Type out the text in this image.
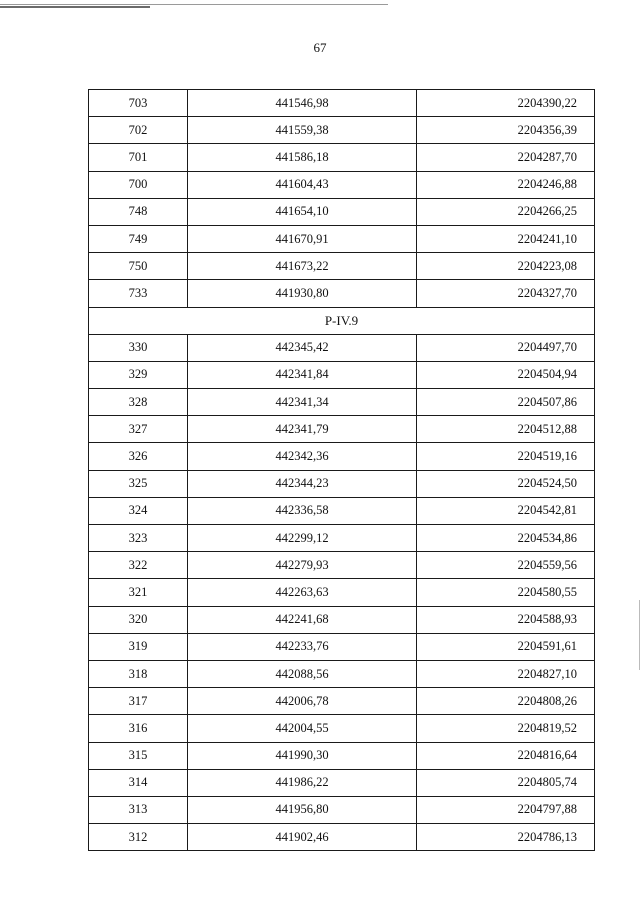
67
703	441546,98	2204390,22
702	441559,38	2204356,39
701	441586,18	2204287,70
700	441604,43	2204246,88
748	441654,10	2204266,25
749	441670,91	2204241,10
750	441673,22	2204223,08
733	441930,80	2204327,70
P-IV.9		
330	442345,42	2204497,70
329	442341,84	2204504,94
328	442341,34	2204507,86
327	442341,79	2204512,88
326	442342,36	2204519,16
325	442344,23	2204524,50
324	442336,58	2204542,81
323	442299,12	2204534,86
322	442279,93	2204559,56
321	442263,63	2204580,55
320	442241,68	2204588,93
319	442233,76	2204591,61
318	442088,56	2204827,10
317	442006,78	2204808,26
316	442004,55	2204819,52
315	441990,30	2204816,64
314	441986,22	2204805,74
313	441956,80	2204797,88
312	441902,46	2204786,13
